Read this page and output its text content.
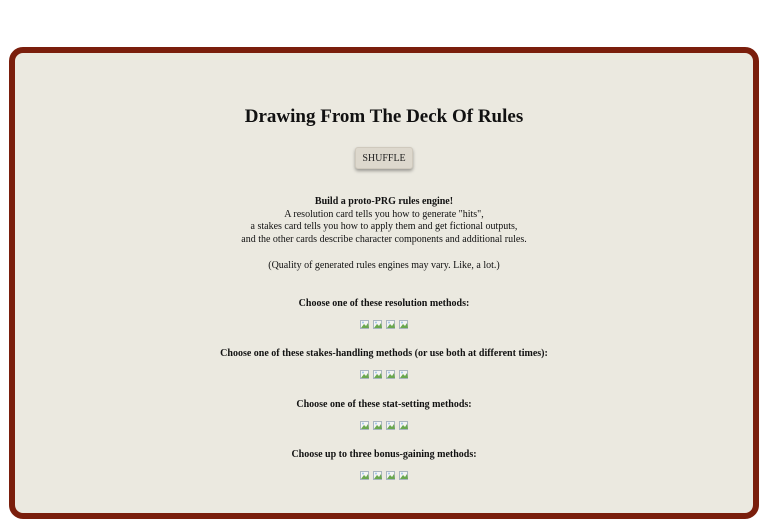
Drawing From The Deck Of Rules
SHUFFLE
Build a proto-PRG rules engine!
A resolution card tells you how to generate "hits",
a stakes card tells you how to apply them and get fictional outputs,
and the other cards describe character components and additional rules.
(Quality of generated rules engines may vary. Like, a lot.)
Choose one of these resolution methods:
Choose one of these stakes-handling methods (or use both at different times):
Choose one of these stat-setting methods:
Choose up to three bonus-gaining methods:
